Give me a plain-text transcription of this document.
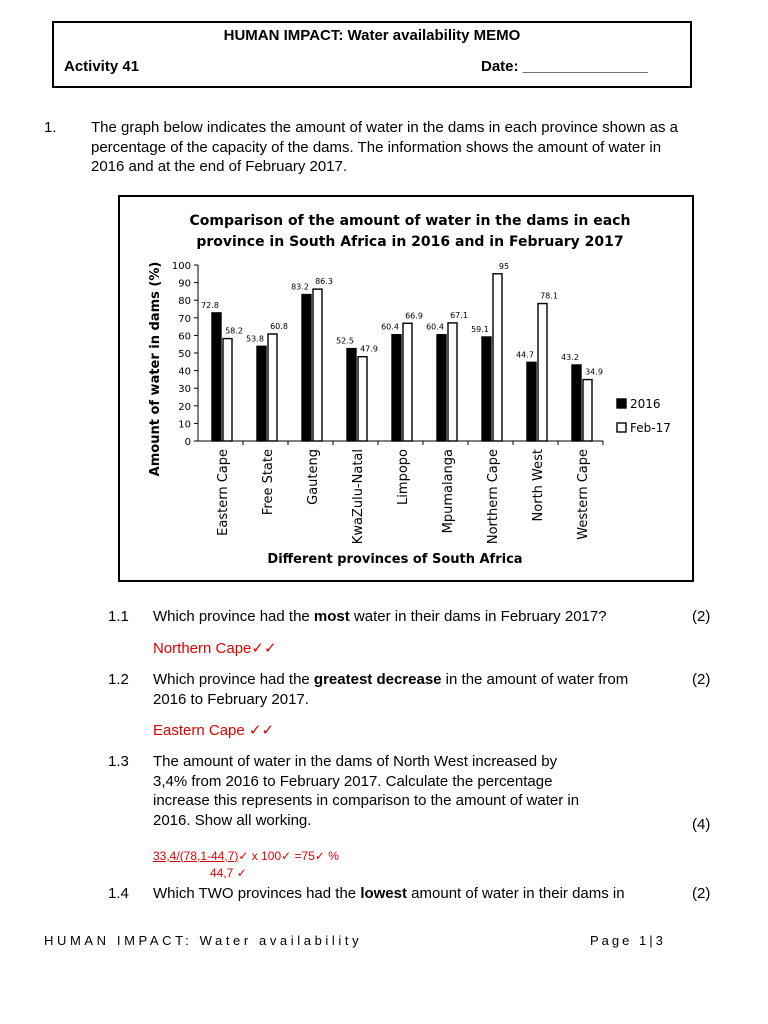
HUMAN IMPACT: Water availability MEMO
Activity 41	Date: _______________
1. The graph below indicates the amount of water in the dams in each province shown as a
percentage of the capacity of the dams. The information shows the amount of water in
2016 and at the end of February 2017.
Comparison of the amount of water in the dams in each
province in South Africa in 2016 and in February 2017
Amount of water in dams (%)
Different provinces of South Africa
0
10
20
30
40
50
60
70
80
90
100
72.8
58.2
Eastern Cape
53.8
60.8
Free State
83.2
86.3
Gauteng
52.5
47.9
KwaZulu-Natal
60.4
66.9
Limpopo
60.4
67.1
Mpumalanga
59.1
95
Northern Cape
44.7
78.1
North West
43.2
34.9
Western Cape
2016
Feb-17
1.1 Which province had the most water in their dams in February 2017?	(2)
Northern Cape✓✓
1.2 Which province had the greatest decrease in the amount of water from
2016 to February 2017.
(2)
Eastern Cape ✓✓
1.3 The amount of water in the dams of North West increased by
3,4% from 2016 to February 2017. Calculate the percentage
increase this represents in comparison to the amount of water in
2016. Show all working.	(4)
33,4/(78,1-44,7)✓ x 100✓ =75✓ %
44,7 ✓
1.4 Which TWO provinces had the lowest amount of water in their dams in	(2)
HUMAN IMPACT: Water availability	Page 1|3
